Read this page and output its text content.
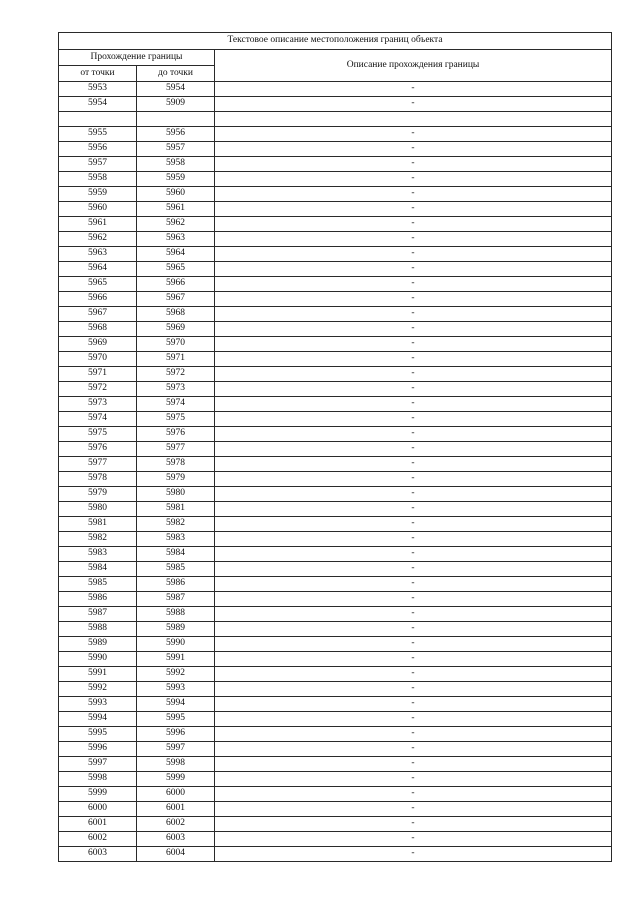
Текстовое описание местоположения границ объекта		
Прохождение границы		Описание прохождения границы
от точки	до точки	
5953	5954	-
5954	5909	-

5955	5956	-
5956	5957	-
5957	5958	-
5958	5959	-
5959	5960	-
5960	5961	-
5961	5962	-
5962	5963	-
5963	5964	-
5964	5965	-
5965	5966	-
5966	5967	-
5967	5968	-
5968	5969	-
5969	5970	-
5970	5971	-
5971	5972	-
5972	5973	-
5973	5974	-
5974	5975	-
5975	5976	-
5976	5977	-
5977	5978	-
5978	5979	-
5979	5980	-
5980	5981	-
5981	5982	-
5982	5983	-
5983	5984	-
5984	5985	-
5985	5986	-
5986	5987	-
5987	5988	-
5988	5989	-
5989	5990	-
5990	5991	-
5991	5992	-
5992	5993	-
5993	5994	-
5994	5995	-
5995	5996	-
5996	5997	-
5997	5998	-
5998	5999	-
5999	6000	-
6000	6001	-
6001	6002	-
6002	6003	-
6003	6004	-
